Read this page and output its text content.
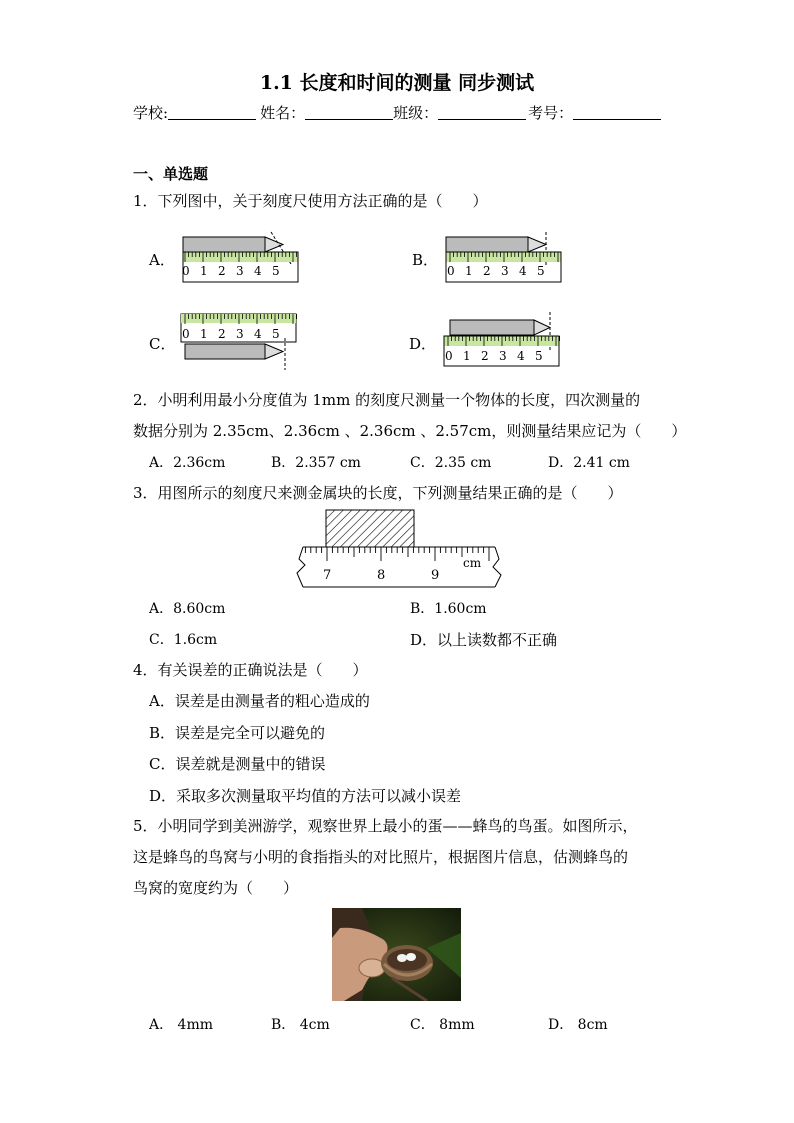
1.1 长度和时间的测量 同步测试
学校:	姓名：	班级：	考号：
一、单选题
1．下列图中，关于刻度尺使用方法正确的是（　　）
A．	B．
C．	D．
0 1 2 3 4 5	0 1 2 3 4 5
0 1 2 3 4 5
0 1 2 3 4 5
2．小明利用最小分度值为 1mm 的刻度尺测量一个物体的长度，四次测量的
数据分别为 2.35cm、2.36cm 、2.36cm 、2.57cm，则测量结果应记为（　　）
A．2.36cm	B．2.357 cm	C．2.35 cm	D．2.41 cm
3．用图所示的刻度尺来测金属块的长度，下列测量结果正确的是（　　）
7	8	9
cm
A．8.60cm	B．1.60cm
C．1.6cm	D．以上读数都不正确
4．有关误差的正确说法是（　　）
A．误差是由测量者的粗心造成的
B．误差是完全可以避免的
C．误差就是测量中的错误
D．采取多次测量取平均值的方法可以减小误差
5．小明同学到美洲游学，观察世界上最小的蛋——蜂鸟的鸟蛋。如图所示，
这是蜂鸟的鸟窝与小明的食指指头的对比照片，根据图片信息，估测蜂鸟的
鸟窝的宽度约为（　　）
A． 4mm	B． 4cm	C． 8mm	D． 8cm
